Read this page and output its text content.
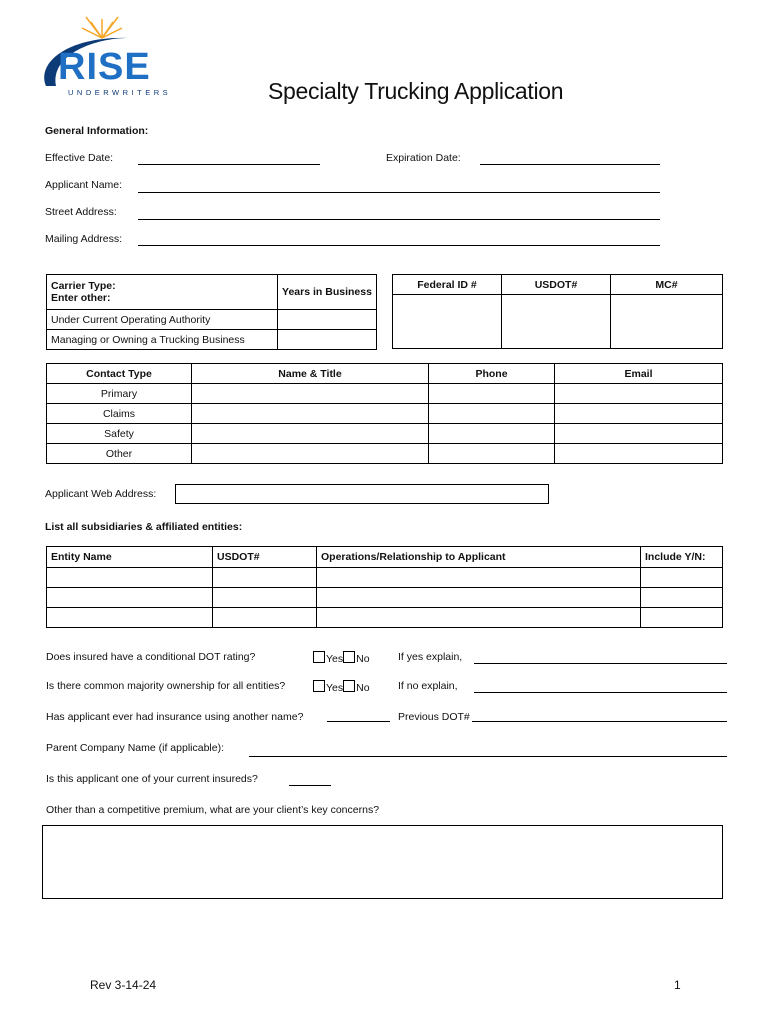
RISE
UNDERWRITERS	Specialty Trucking Application
General Information:
Effective Date:	Expiration Date:
Applicant Name:
Street Address:
Mailing Address:
Carrier Type:
Enter other:	Years in Business
Under Current Operating Authority	
Managing or Owning a Trucking Business	
Federal ID #	USDOT#	MC#

Contact Type	Name & Title	Phone	Email
Primary			
Claims			
Safety			
Other			
Applicant Web Address:
List all subsidiaries & affiliated entities:
Entity Name	USDOT#	Operations/Relationship to Applicant	Include Y/N:

Does insured have a conditional DOT rating?	Yes No	If yes explain,
Is there common majority ownership for all entities?	Yes No	If no explain,
Has applicant ever had insurance using another name?	Previous DOT#
Parent Company Name (if applicable):
Is this applicant one of your current insureds?
Other than a competitive premium, what are your client’s key concerns?
Rev 3-14-24	1
